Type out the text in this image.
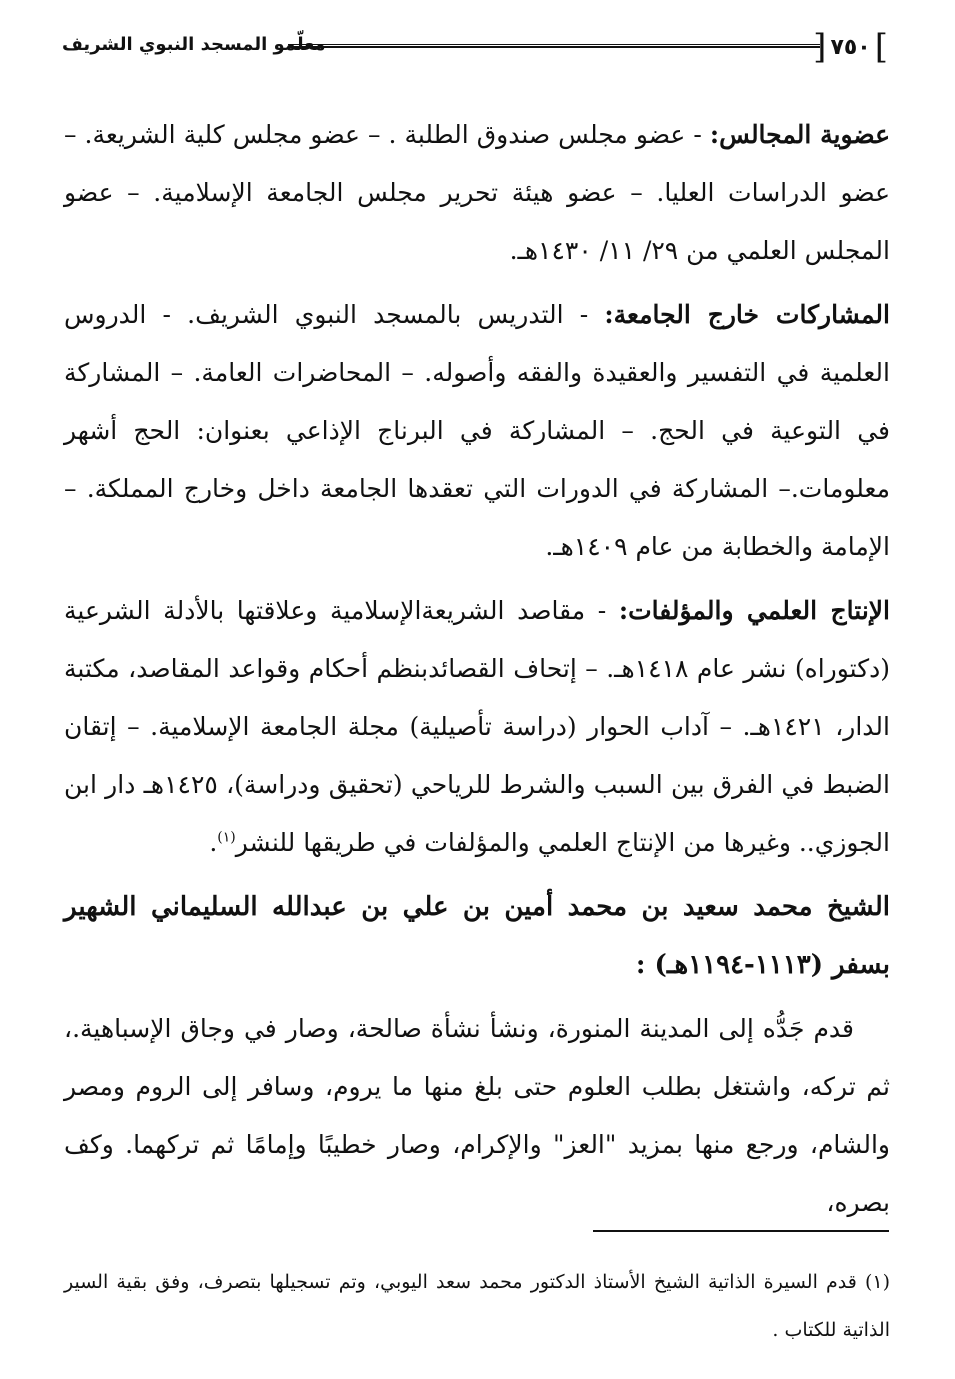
]
٧٥٠
[
معلّمو المسجد النبوي الشريف

عضوية المجالس: - عضو مجلس صندوق الطلبة . – عضو مجلس كلية الشريعة. – عضو الدراسات العليا. – عضو هيئة تحرير مجلس الجامعة الإسلامية. – عضو المجلس العلمي من ٢٩/ ١١/ ١٤٣٠هـ.

المشاركات خارج الجامعة: - التدريس بالمسجد النبوي الشريف. - الدروس العلمية في التفسير والعقيدة والفقه وأصوله. – المحاضرات العامة. – المشاركة في التوعية في الحج. – المشاركة في البرناج الإذاعي بعنوان: الحج أشهر معلومات.– المشاركة في الدورات التي تعقدها الجامعة داخل وخارج المملكة. – الإمامة والخطابة من عام ١٤٠٩هـ.

الإنتاج العلمي والمؤلفات: - مقاصد الشريعةالإسلامية وعلاقتها بالأدلة الشرعية (دكتوراه) نشر عام ١٤١٨هـ. – إتحاف القصائدبنظم أحكام وقواعد المقاصد، مكتبة الدار، ١٤٢١هـ. – آداب الحوار (دراسة تأصيلية) مجلة الجامعة الإسلامية. – إتقان الضبط في الفرق بين السبب والشرط للرياحي (تحقيق ودراسة)، ١٤٢٥هـ دار ابن الجوزي.. وغيرها من الإنتاج العلمي والمؤلفات في طريقها للنشر$^{(١)}$.

الشيخ محمد سعيد بن محمد أمين بن علي بن عبدالله السليماني الشهير بسفر (١١١٣-١١٩٤هـ) :

قدم جَدُّه إلى المدينة المنورة، ونشأ نشأة صالحة، وصار في وجاق الإسباهية.، ثم تركه، واشتغل بطلب العلوم حتى بلغ منها ما يروم، وسافر إلى الروم ومصر والشام، ورجع منها بمزيد "العز" والإكرام، وصار خطيبًا وإمامًا ثم تركهما. وكف بصره،

(١) قدم السيرة الذاتية الشيخ الأستاذ الدكتور محمد سعد اليوبي، وتم تسجيلها بتصرف، وفق بقية السير الذاتية للكتاب .
